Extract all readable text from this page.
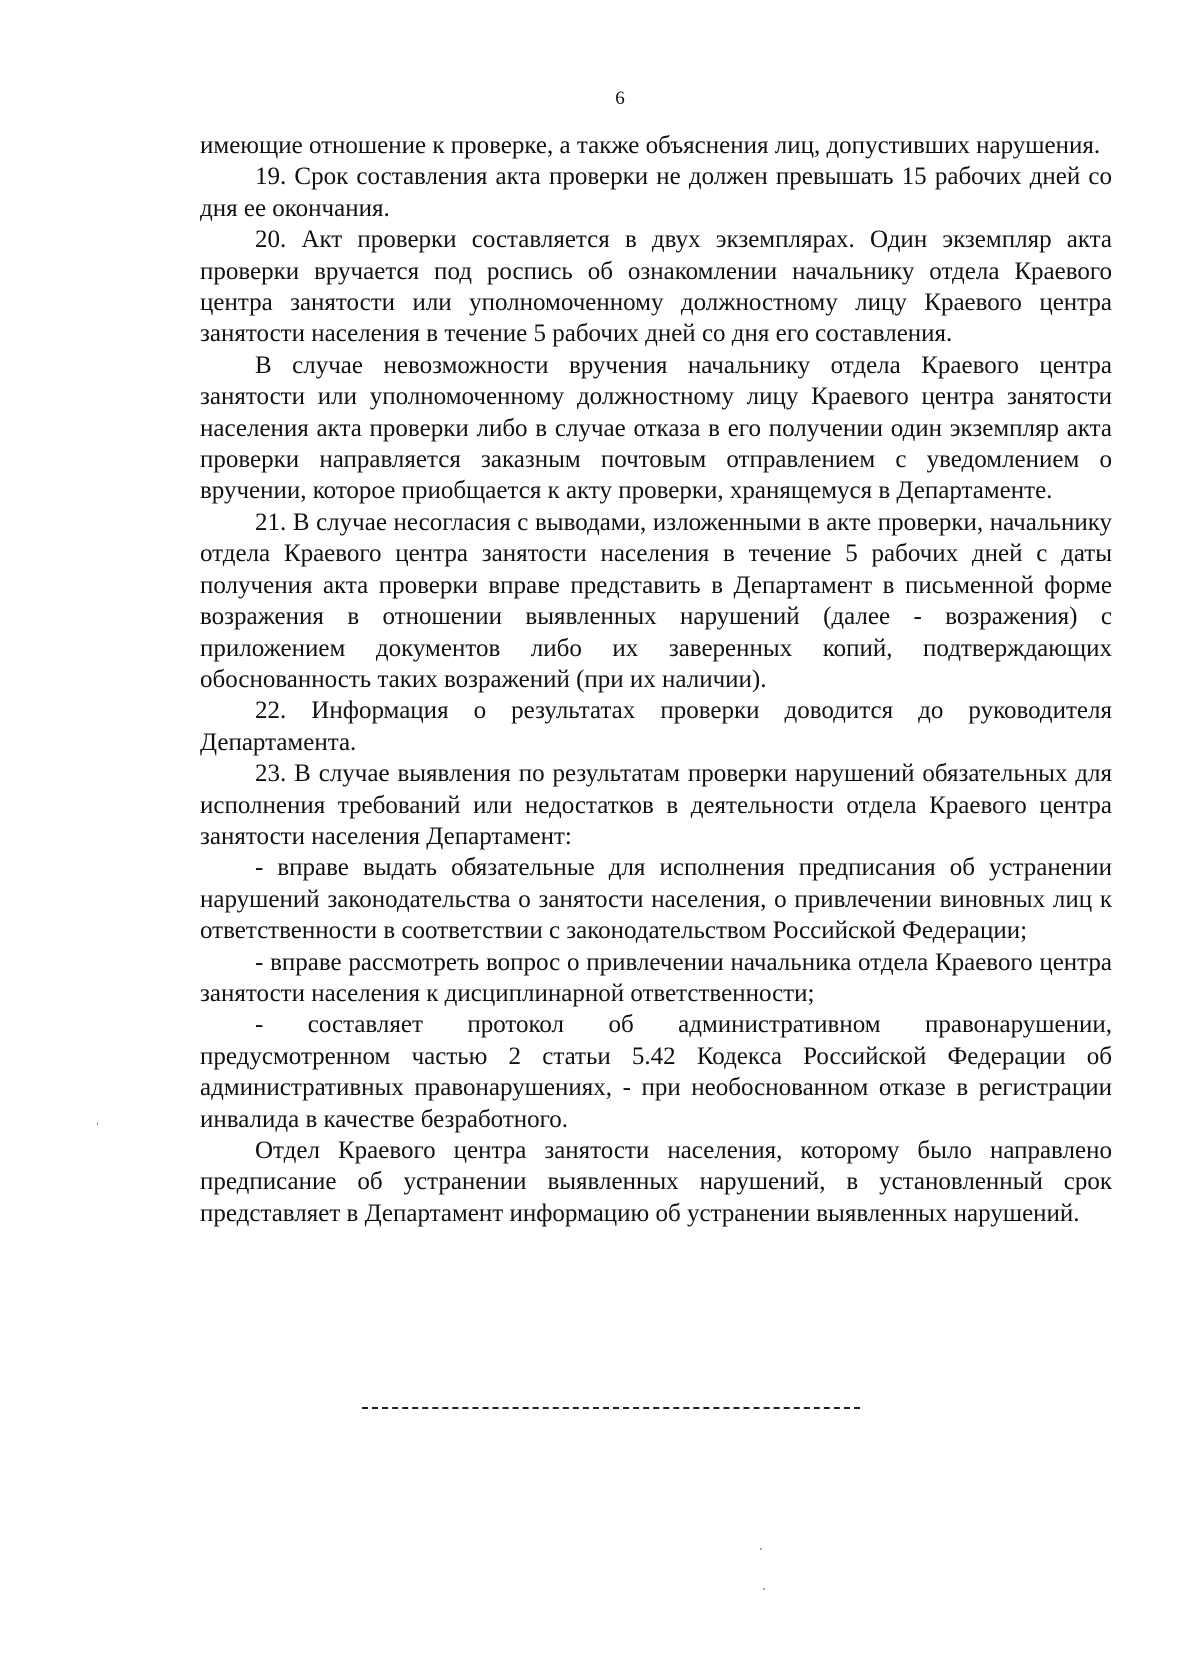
6

имеющие отношение к проверке, а также объяснения лиц, допустивших нарушения.

19. Срок составления акта проверки не должен превышать 15 рабочих дней со дня ее окончания.

20. Акт проверки составляется в двух экземплярах. Один экземпляр акта проверки вручается под роспись об ознакомлении начальнику отдела Краевого центра занятости или уполномоченному должностному лицу Краевого центра занятости населения в течение 5 рабочих дней со дня его составления.

В случае невозможности вручения начальнику отдела Краевого центра занятости или уполномоченному должностному лицу Краевого центра занятости населения акта проверки либо в случае отказа в его получении один экземпляр акта проверки направляется заказным почтовым отправлением с уведомлением о вручении, которое приобщается к акту проверки, хранящемуся в Департаменте.

21. В случае несогласия с выводами, изложенными в акте проверки, начальнику отдела Краевого центра занятости населения в течение 5 рабочих дней с даты получения акта проверки вправе представить в Департамент в письменной форме возражения в отношении выявленных нарушений (далее - возражения) с приложением документов либо их заверенных копий, подтверждающих обоснованность таких возражений (при их наличии).

22. Информация о результатах проверки доводится до руководителя Департамента.

23. В случае выявления по результатам проверки нарушений обязательных для исполнения требований или недостатков в деятельности отдела Краевого центра занятости населения Департамент:

- вправе выдать обязательные для исполнения предписания об устранении нарушений законодательства о занятости населения, о привлечении виновных лиц к ответственности в соответствии с законодательством Российской Федерации;

- вправе рассмотреть вопрос о привлечении начальника отдела Краевого центра занятости населения к дисциплинарной ответственности;

- составляет протокол об административном правонарушении, предусмотренном частью 2 статьи 5.42 Кодекса Российской Федерации об административных правонарушениях, - при необоснованном отказе в регистрации инвалида в качестве безработного.

Отдел Краевого центра занятости населения, которому было направлено предписание об устранении выявленных нарушений, в установленный срок представляет в Департамент информацию об устранении выявленных нарушений.
